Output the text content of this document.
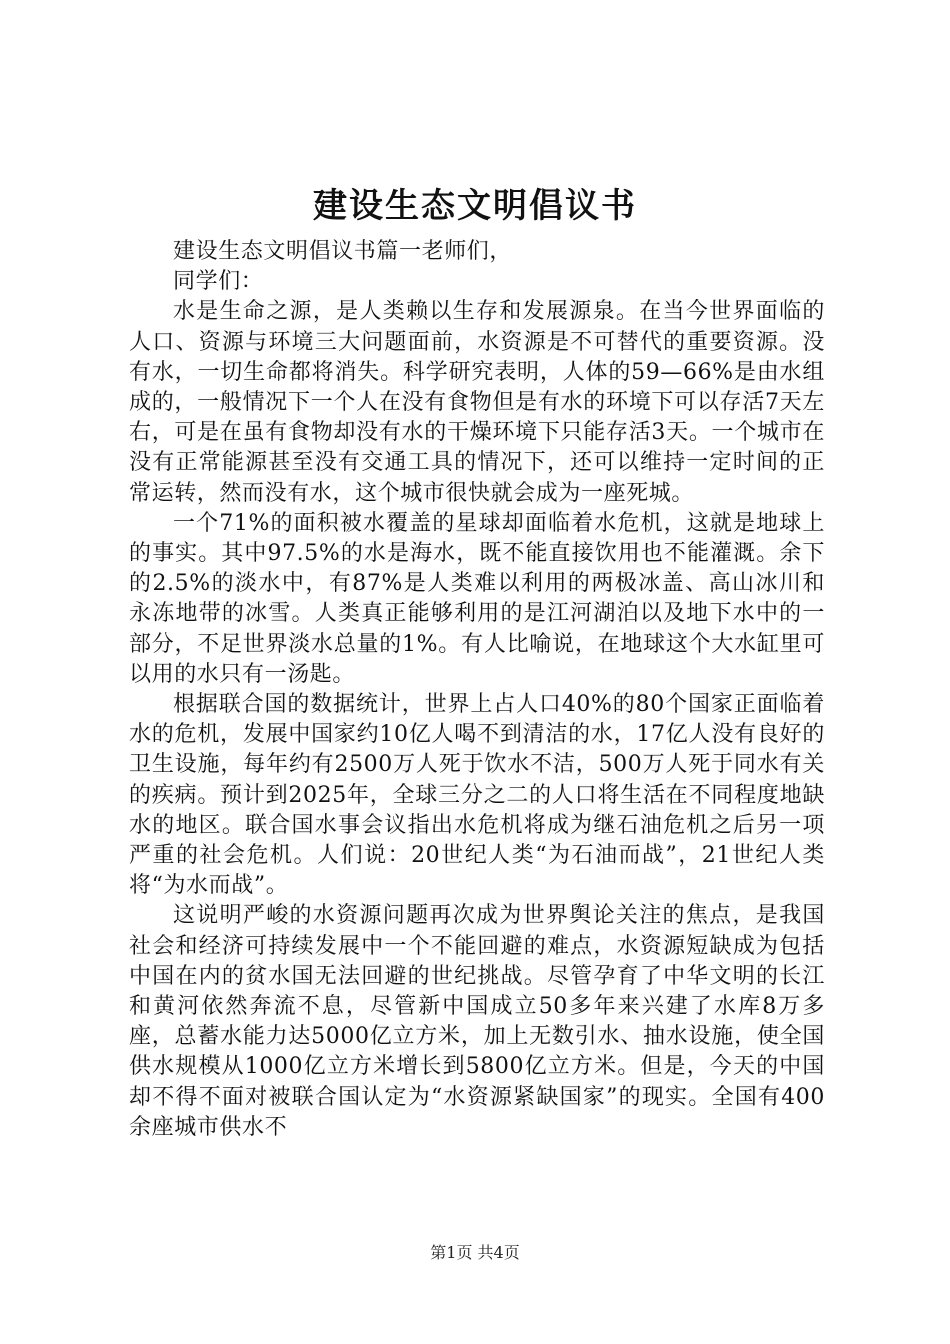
建设生态文明倡议书

建设生态文明倡议书篇一老师们，

同学们：

水是生命之源，是人类赖以生存和发展源泉。在当今世界面临的人口、资源与环境三大问题面前，水资源是不可替代的重要资源。没有水，一切生命都将消失。科学研究表明，人体的59—66%是由水组成的，一般情况下一个人在没有食物但是有水的环境下可以存活7天左右，可是在虽有食物却没有水的干燥环境下只能存活3天。一个城市在没有正常能源甚至没有交通工具的情况下，还可以维持一定时间的正常运转，然而没有水，这个城市很快就会成为一座死城。

一个71%的面积被水覆盖的星球却面临着水危机，这就是地球上的事实。其中97.5%的水是海水，既不能直接饮用也不能灌溉。余下的2.5%的淡水中，有87%是人类难以利用的两极冰盖、高山冰川和永冻地带的冰雪。人类真正能够利用的是江河湖泊以及地下水中的一部分，不足世界淡水总量的1%。有人比喻说，在地球这个大水缸里可以用的水只有一汤匙。

根据联合国的数据统计，世界上占人口40%的80个国家正面临着水的危机，发展中国家约10亿人喝不到清洁的水，17亿人没有良好的卫生设施，每年约有2500万人死于饮水不洁，500万人死于同水有关的疾病。预计到2025年，全球三分之二的人口将生活在不同程度地缺水的地区。联合国水事会议指出水危机将成为继石油危机之后另一项严重的社会危机。人们说：20世纪人类“为石油而战”，21世纪人类将“为水而战”。

这说明严峻的水资源问题再次成为世界舆论关注的焦点，是我国社会和经济可持续发展中一个不能回避的难点，水资源短缺成为包括中国在内的贫水国无法回避的世纪挑战。尽管孕育了中华文明的长江和黄河依然奔流不息，尽管新中国成立50多年来兴建了水库8万多座，总蓄水能力达5000亿立方米，加上无数引水、抽水设施，使全国供水规模从1000亿立方米增长到5800亿立方米。但是，今天的中国却不得不面对被联合国认定为“水资源紧缺国家”的现实。全国有400余座城市供水不

第1页 共4页
